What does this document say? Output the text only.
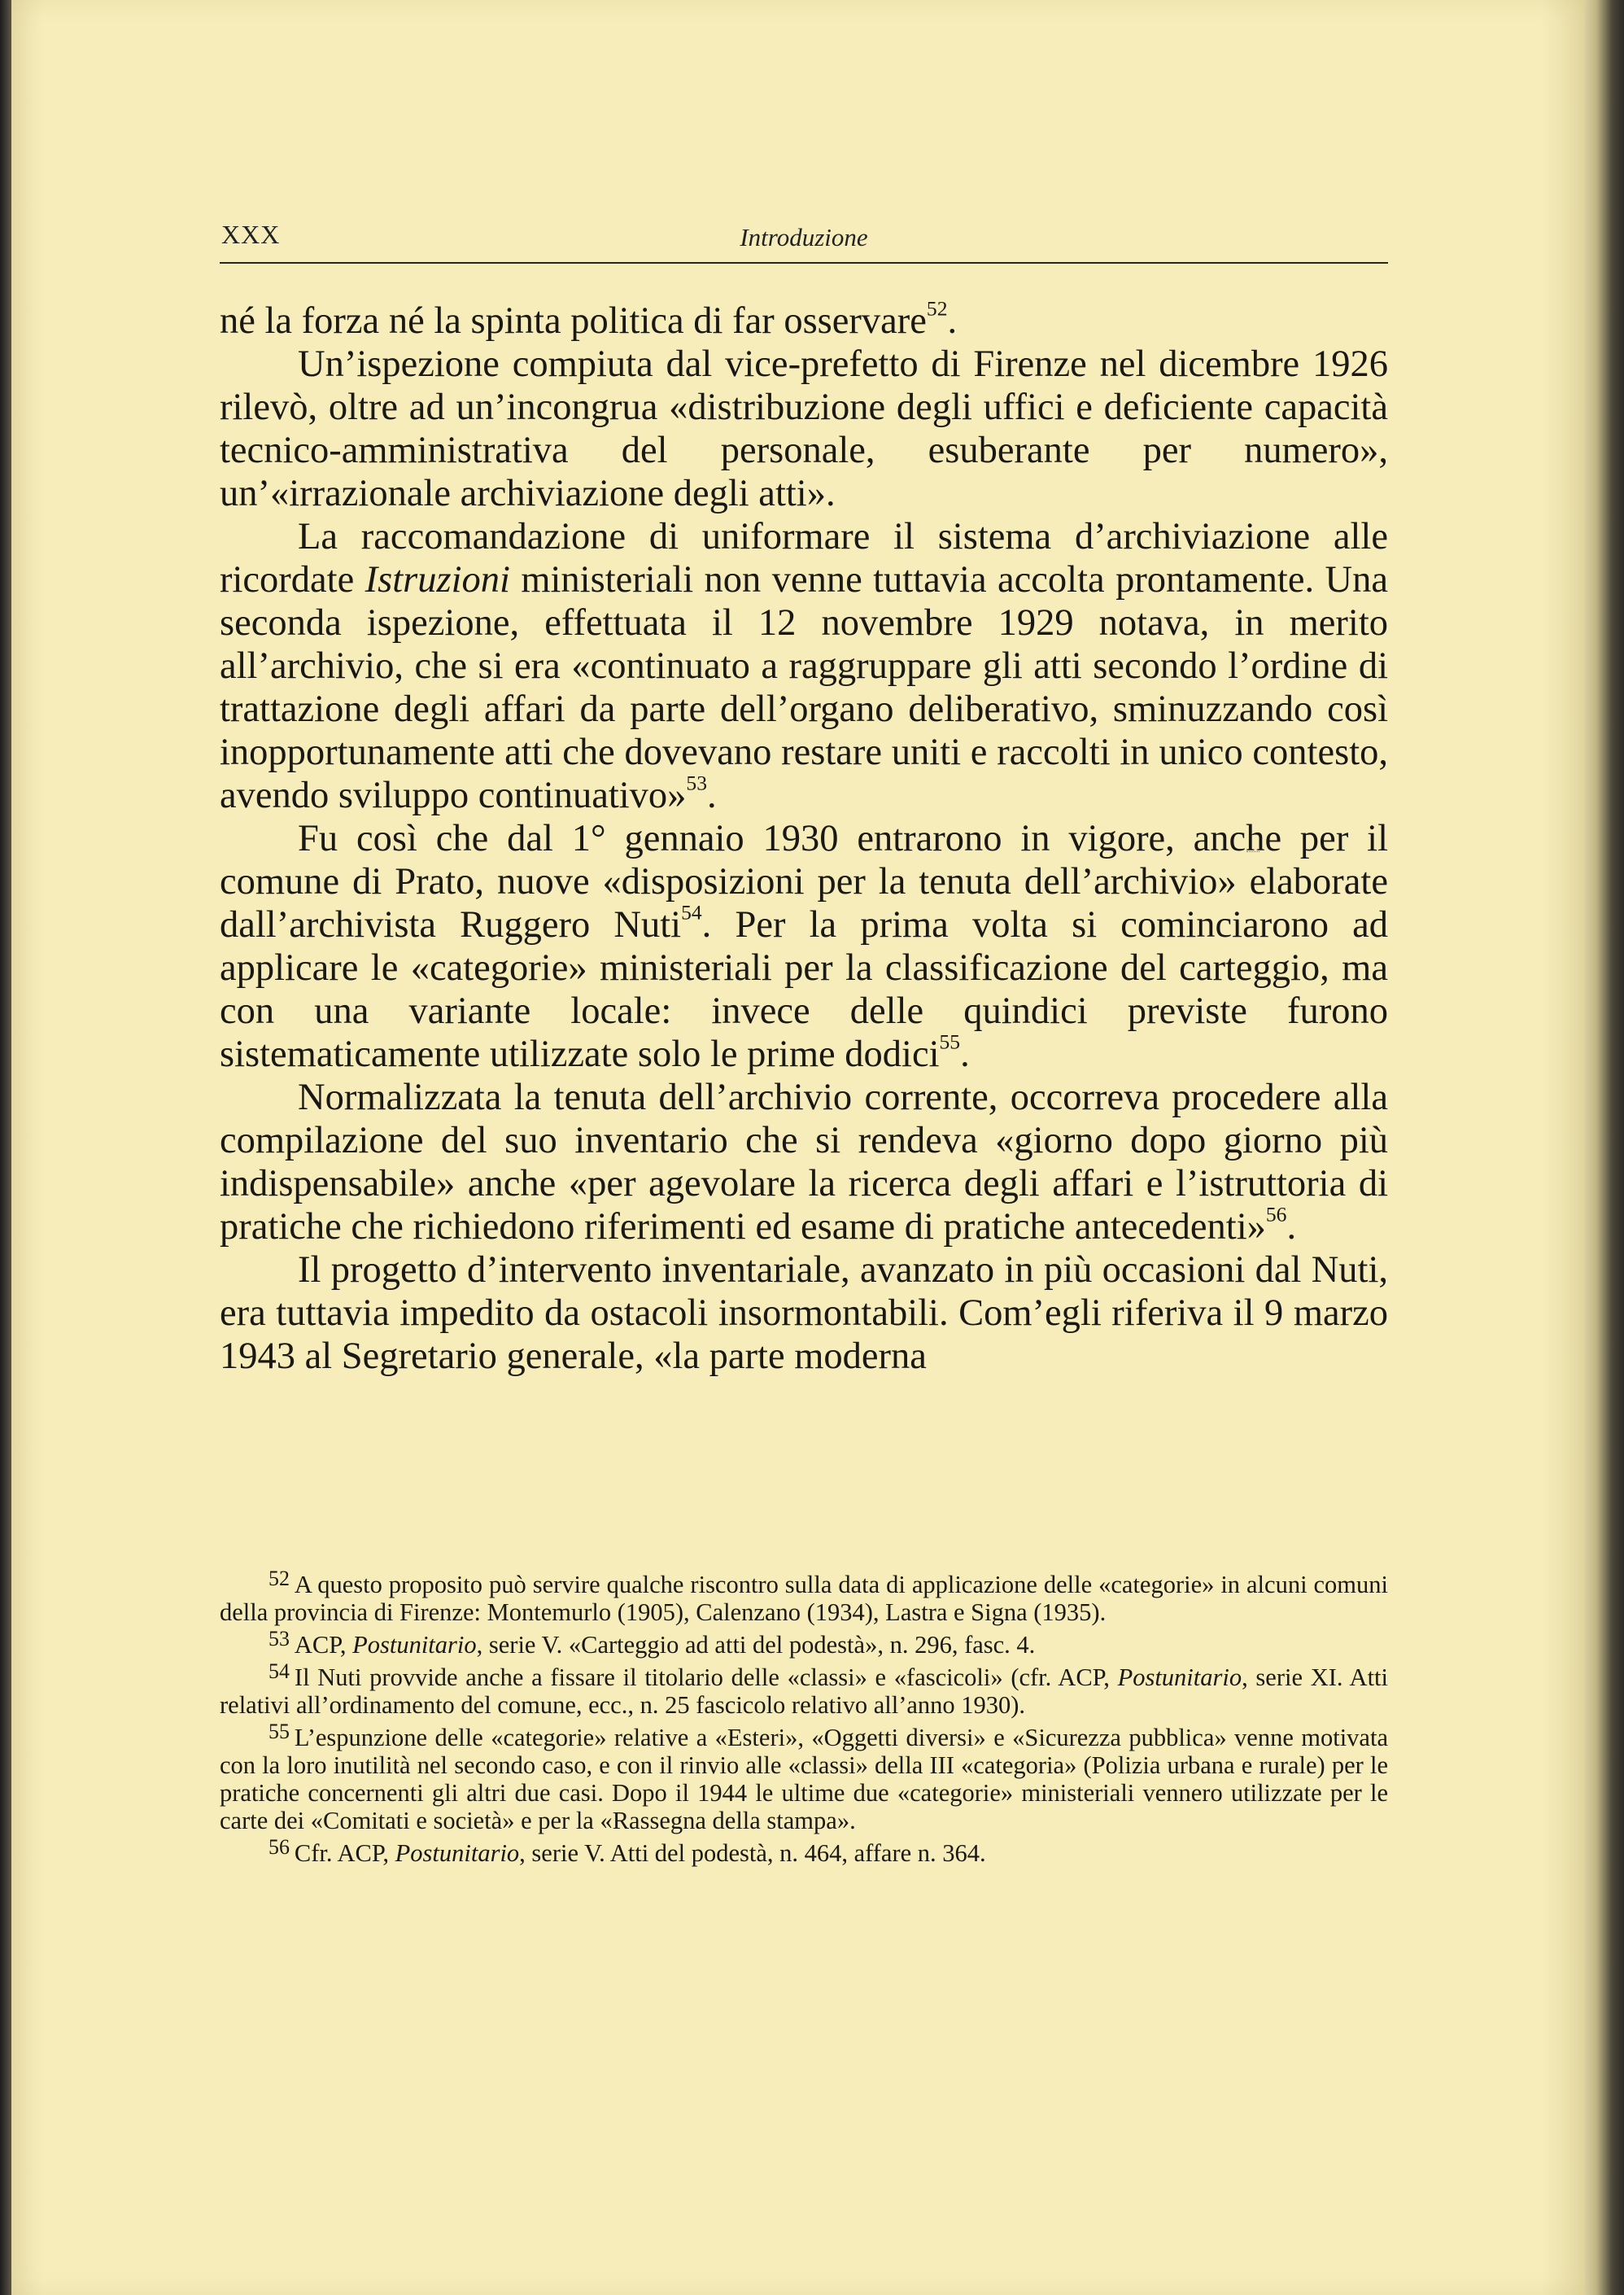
XXX	Introduzione

né la forza né la spinta politica di far osservare$^{52}$.

Un’ispezione compiuta dal vice-prefetto di Firenze nel dicembre 1926 rilevò, oltre ad un’incongrua «distribuzione degli uffici e deficiente capacità tecnico-amministrativa del personale, esuberante per numero», un’«irrazionale archiviazione degli atti».

La raccomandazione di uniformare il sistema d’archiviazione alle ricordate Istruzioni ministeriali non venne tuttavia accolta prontamente. Una seconda ispezione, effettuata il 12 novembre 1929 notava, in merito all’archivio, che si era «continuato a raggruppare gli atti secondo l’ordine di trattazione degli affari da parte dell’organo deliberativo, sminuzzando così inopportunamente atti che dovevano restare uniti e raccolti in unico contesto, avendo sviluppo continuativo»$^{53}$.

Fu così che dal 1° gennaio 1930 entrarono in vigore, anche per il comune di Prato, nuove «disposizioni per la tenuta dell’archivio» elaborate dall’archivista Ruggero Nuti$^{54}$. Per la prima volta si cominciarono ad applicare le «categorie» ministeriali per la classificazione del carteggio, ma con una variante locale: invece delle quindici previste furono sistematicamente utilizzate solo le prime dodici$^{55}$.

Normalizzata la tenuta dell’archivio corrente, occorreva procedere alla compilazione del suo inventario che si rendeva «giorno dopo giorno più indispensabile» anche «per agevolare la ricerca degli affari e l’istruttoria di pratiche che richiedono riferimenti ed esame di pratiche antecedenti»$^{56}$.

Il progetto d’intervento inventariale, avanzato in più occasioni dal Nuti, era tuttavia impedito da ostacoli insormontabili. Com’egli riferiva il 9 marzo 1943 al Segretario generale, «la parte moderna

$^{52}$ A questo proposito può servire qualche riscontro sulla data di applicazione delle «categorie» in alcuni comuni della provincia di Firenze: Montemurlo (1905), Calenzano (1934), Lastra e Signa (1935).

$^{53}$ ACP, Postunitario, serie V. «Carteggio ad atti del podestà», n. 296, fasc. 4.

$^{54}$ Il Nuti provvide anche a fissare il titolario delle «classi» e «fascicoli» (cfr. ACP, Postunitario, serie XI. Atti relativi all’ordinamento del comune, ecc., n. 25 fascicolo relativo all’anno 1930).

$^{55}$ L’espunzione delle «categorie» relative a «Esteri», «Oggetti diversi» e «Sicurezza pubblica» venne motivata con la loro inutilità nel secondo caso, e con il rinvio alle «classi» della III «categoria» (Polizia urbana e rurale) per le pratiche concernenti gli altri due casi. Dopo il 1944 le ultime due «categorie» ministeriali vennero utilizzate per le carte dei «Comitati e società» e per la «Rassegna della stampa».

$^{56}$ Cfr. ACP, Postunitario, serie V. Atti del podestà, n. 464, affare n. 364.
